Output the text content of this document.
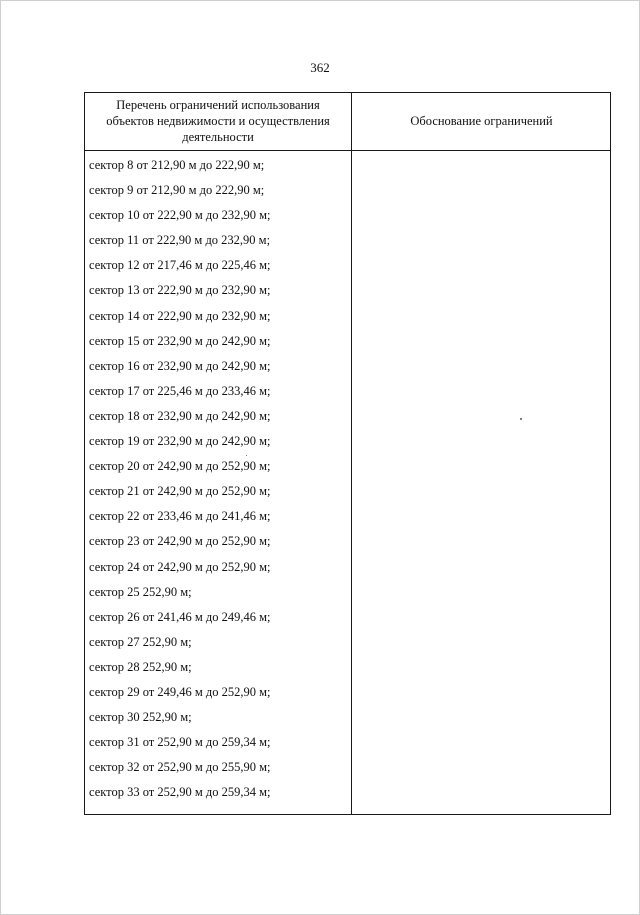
362
Перечень ограничений использования
объектов недвижимости и осуществления
деятельности
Обоснование ограничений
сектор 8 от 212,90 м до 222,90 м;
сектор 9 от 212,90 м до 222,90 м;
сектор 10 от 222,90 м до 232,90 м;
сектор 11 от 222,90 м до 232,90 м;
сектор 12 от 217,46 м до 225,46 м;
сектор 13 от 222,90 м до 232,90 м;
сектор 14 от 222,90 м до 232,90 м;
сектор 15 от 232,90 м до 242,90 м;
сектор 16 от 232,90 м до 242,90 м;
сектор 17 от 225,46 м до 233,46 м;
сектор 18 от 232,90 м до 242,90 м;
сектор 19 от 232,90 м до 242,90 м;
сектор 20 от 242,90 м до 252,90 м;
сектор 21 от 242,90 м до 252,90 м;
сектор 22 от 233,46 м до 241,46 м;
сектор 23 от 242,90 м до 252,90 м;
сектор 24 от 242,90 м до 252,90 м;
сектор 25 252,90 м;
сектор 26 от 241,46 м до 249,46 м;
сектор 27 252,90 м;
сектор 28 252,90 м;
сектор 29 от 249,46 м до 252,90 м;
сектор 30 252,90 м;
сектор 31 от 252,90 м до 259,34 м;
сектор 32 от 252,90 м до 255,90 м;
сектор 33 от 252,90 м до 259,34 м;
